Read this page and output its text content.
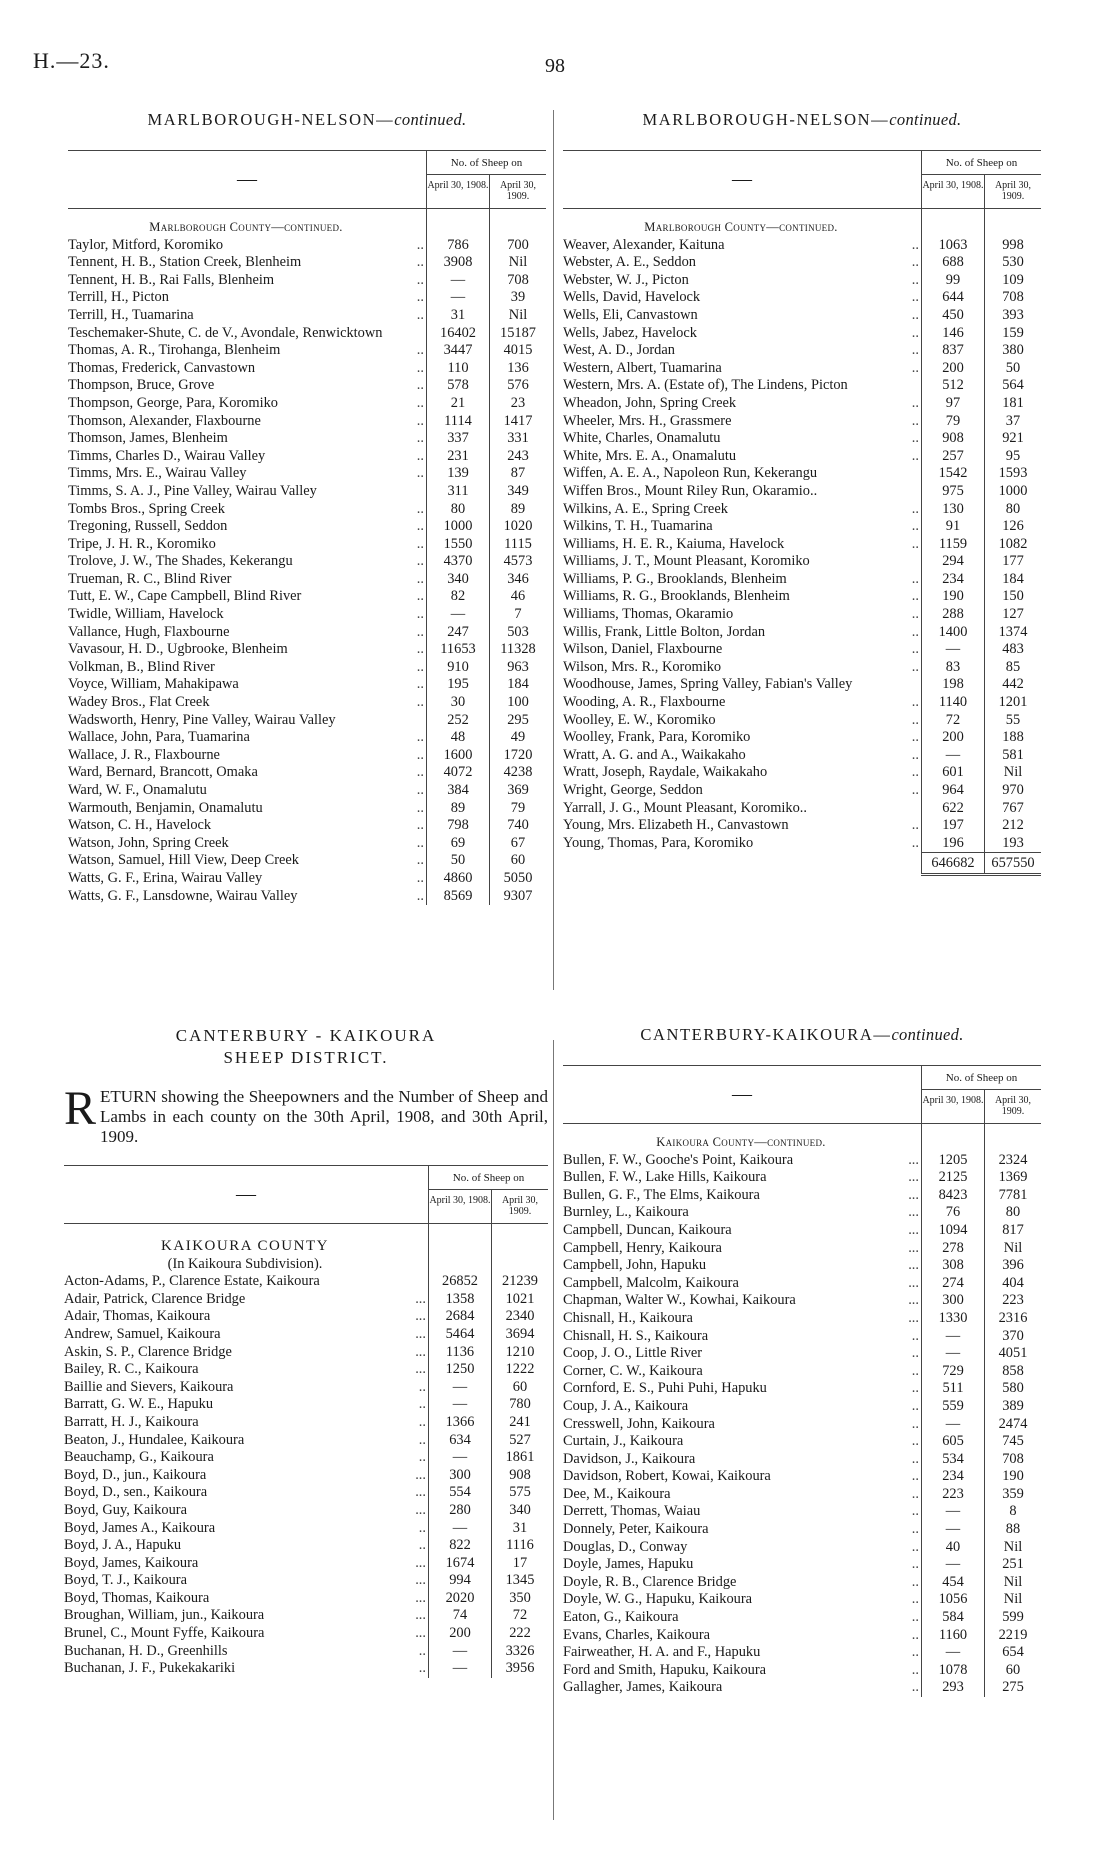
H.—23.	98
MARLBOROUGH-NELSON—continued.
—	No. of Sheep on	
	April 30, 1908.	April 30, 1909.
Marlborough County—continued.		
Taylor, Mitford, Koromiko ..	786	700
Tennent, H. B., Station Creek, Blenheim ..	3908	Nil
Tennent, H. B., Rai Falls, Blenheim ..	—	708
Terrill, H., Picton ..	—	39
Terrill, H., Tuamarina ..	31	Nil
Teschemaker-Shute, C. de V., Avondale, Renwicktown	16402	15187
Thomas, A. R., Tirohanga, Blenheim ..	3447	4015
Thomas, Frederick, Canvastown ..	110	136
Thompson, Bruce, Grove ..	578	576
Thompson, George, Para, Koromiko ..	21	23
Thomson, Alexander, Flaxbourne ..	1114	1417
Thomson, James, Blenheim ..	337	331
Timms, Charles D., Wairau Valley ..	231	243
Timms, Mrs. E., Wairau Valley ..	139	87
Timms, S. A. J., Pine Valley, Wairau Valley	311	349
Tombs Bros., Spring Creek ..	80	89
Tregoning, Russell, Seddon ..	1000	1020
Tripe, J. H. R., Koromiko ..	1550	1115
Trolove, J. W., The Shades, Kekerangu ..	4370	4573
Trueman, R. C., Blind River ..	340	346
Tutt, E. W., Cape Campbell, Blind River ..	82	46
Twidle, William, Havelock ..	—	7
Vallance, Hugh, Flaxbourne ..	247	503
Vavasour, H. D., Ugbrooke, Blenheim ..	11653	11328
Volkman, B., Blind River ..	910	963
Voyce, William, Mahakipawa ..	195	184
Wadey Bros., Flat Creek ..	30	100
Wadsworth, Henry, Pine Valley, Wairau Valley	252	295
Wallace, John, Para, Tuamarina ..	48	49
Wallace, J. R., Flaxbourne ..	1600	1720
Ward, Bernard, Brancott, Omaka ..	4072	4238
Ward, W. F., Onamalutu ..	384	369
Warmouth, Benjamin, Onamalutu ..	89	79
Watson, C. H., Havelock ..	798	740
Watson, John, Spring Creek ..	69	67
Watson, Samuel, Hill View, Deep Creek ..	50	60
Watts, G. F., Erina, Wairau Valley ..	4860	5050
Watts, G. F., Lansdowne, Wairau Valley ..	8569	9307
MARLBOROUGH-NELSON—continued.
—	No. of Sheep on	
	April 30, 1908.	April 30, 1909.
Marlborough County—continued.		
Weaver, Alexander, Kaituna ..	1063	998
Webster, A. E., Seddon ..	688	530
Webster, W. J., Picton ..	99	109
Wells, David, Havelock ..	644	708
Wells, Eli, Canvastown ..	450	393
Wells, Jabez, Havelock ..	146	159
West, A. D., Jordan ..	837	380
Western, Albert, Tuamarina ..	200	50
Western, Mrs. A. (Estate of), The Lindens, Picton	512	564
Wheadon, John, Spring Creek ..	97	181
Wheeler, Mrs. H., Grassmere ..	79	37
White, Charles, Onamalutu ..	908	921
White, Mrs. E. A., Onamalutu ..	257	95
Wiffen, A. E. A., Napoleon Run, Kekerangu	1542	1593
Wiffen Bros., Mount Riley Run, Okaramio..	975	1000
Wilkins, A. E., Spring Creek ..	130	80
Wilkins, T. H., Tuamarina ..	91	126
Williams, H. E. R., Kaiuma, Havelock ..	1159	1082
Williams, J. T., Mount Pleasant, Koromiko	294	177
Williams, P. G., Brooklands, Blenheim ..	234	184
Williams, R. G., Brooklands, Blenheim ..	190	150
Williams, Thomas, Okaramio ..	288	127
Willis, Frank, Little Bolton, Jordan ..	1400	1374
Wilson, Daniel, Flaxbourne ..	—	483
Wilson, Mrs. R., Koromiko ..	83	85
Woodhouse, James, Spring Valley, Fabian's Valley	198	442
Wooding, A. R., Flaxbourne ..	1140	1201
Woolley, E. W., Koromiko ..	72	55
Woolley, Frank, Para, Koromiko ..	200	188
Wratt, A. G. and A., Waikakaho ..	—	581
Wratt, Joseph, Raydale, Waikakaho ..	601	Nil
Wright, George, Seddon ..	964	970
Yarrall, J. G., Mount Pleasant, Koromiko..	622	767
Young, Mrs. Elizabeth H., Canvastown ..	197	212
Young, Thomas, Para, Koromiko ..	196	193
	646682	657550
CANTERBURY - KAIKOURA SHEEP DISTRICT.
RETURN showing the Sheepowners and the Number of Sheep and Lambs in each county on the 30th April, 1908, and 30th April, 1909.
—	No. of Sheep on	
	April 30, 1908.	April 30, 1909.
KAIKOURA COUNTY		
(In Kaikoura Subdivision).		
Acton-Adams, P., Clarence Estate, Kaikoura	26852	21239
Adair, Patrick, Clarence Bridge ...	1358	1021
Adair, Thomas, Kaikoura ...	2684	2340
Andrew, Samuel, Kaikoura ...	5464	3694
Askin, S. P., Clarence Bridge ...	1136	1210
Bailey, R. C., Kaikoura ...	1250	1222
Baillie and Sievers, Kaikoura ..	—	60
Barratt, G. W. E., Hapuku ..	—	780
Barratt, H. J., Kaikoura ..	1366	241
Beaton, J., Hundalee, Kaikoura ..	634	527
Beauchamp, G., Kaikoura ..	—	1861
Boyd, D., jun., Kaikoura ...	300	908
Boyd, D., sen., Kaikoura ...	554	575
Boyd, Guy, Kaikoura ...	280	340
Boyd, James A., Kaikoura ..	—	31
Boyd, J. A., Hapuku ..	822	1116
Boyd, James, Kaikoura ...	1674	17
Boyd, T. J., Kaikoura ...	994	1345
Boyd, Thomas, Kaikoura ...	2020	350
Broughan, William, jun., Kaikoura ...	74	72
Brunel, C., Mount Fyffe, Kaikoura ...	200	222
Buchanan, H. D., Greenhills ..	—	3326
Buchanan, J. F., Pukekakariki ..	—	3956
CANTERBURY-KAIKOURA—continued.
—	No. of Sheep on	
	April 30, 1908.	April 30, 1909.
Kaikoura County—continued.		
Bullen, F. W., Gooche's Point, Kaikoura ...	1205	2324
Bullen, F. W., Lake Hills, Kaikoura ...	2125	1369
Bullen, G. F., The Elms, Kaikoura ...	8423	7781
Burnley, L., Kaikoura ...	76	80
Campbell, Duncan, Kaikoura ...	1094	817
Campbell, Henry, Kaikoura ...	278	Nil
Campbell, John, Hapuku ...	308	396
Campbell, Malcolm, Kaikoura ...	274	404
Chapman, Walter W., Kowhai, Kaikoura ...	300	223
Chisnall, H., Kaikoura ...	1330	2316
Chisnall, H. S., Kaikoura ..	—	370
Coop, J. O., Little River ..	—	4051
Corner, C. W., Kaikoura ..	729	858
Cornford, E. S., Puhi Puhi, Hapuku ..	511	580
Coup, J. A., Kaikoura ..	559	389
Cresswell, John, Kaikoura ..	—	2474
Curtain, J., Kaikoura ..	605	745
Davidson, J., Kaikoura ..	534	708
Davidson, Robert, Kowai, Kaikoura ..	234	190
Dee, M., Kaikoura ..	223	359
Derrett, Thomas, Waiau ..	—	8
Donnely, Peter, Kaikoura ..	—	88
Douglas, D., Conway ..	40	Nil
Doyle, James, Hapuku ..	—	251
Doyle, R. B., Clarence Bridge ..	454	Nil
Doyle, W. G., Hapuku, Kaikoura ..	1056	Nil
Eaton, G., Kaikoura ..	584	599
Evans, Charles, Kaikoura ..	1160	2219
Fairweather, H. A. and F., Hapuku ..	—	654
Ford and Smith, Hapuku, Kaikoura ..	1078	60
Gallagher, James, Kaikoura ..	293	275
